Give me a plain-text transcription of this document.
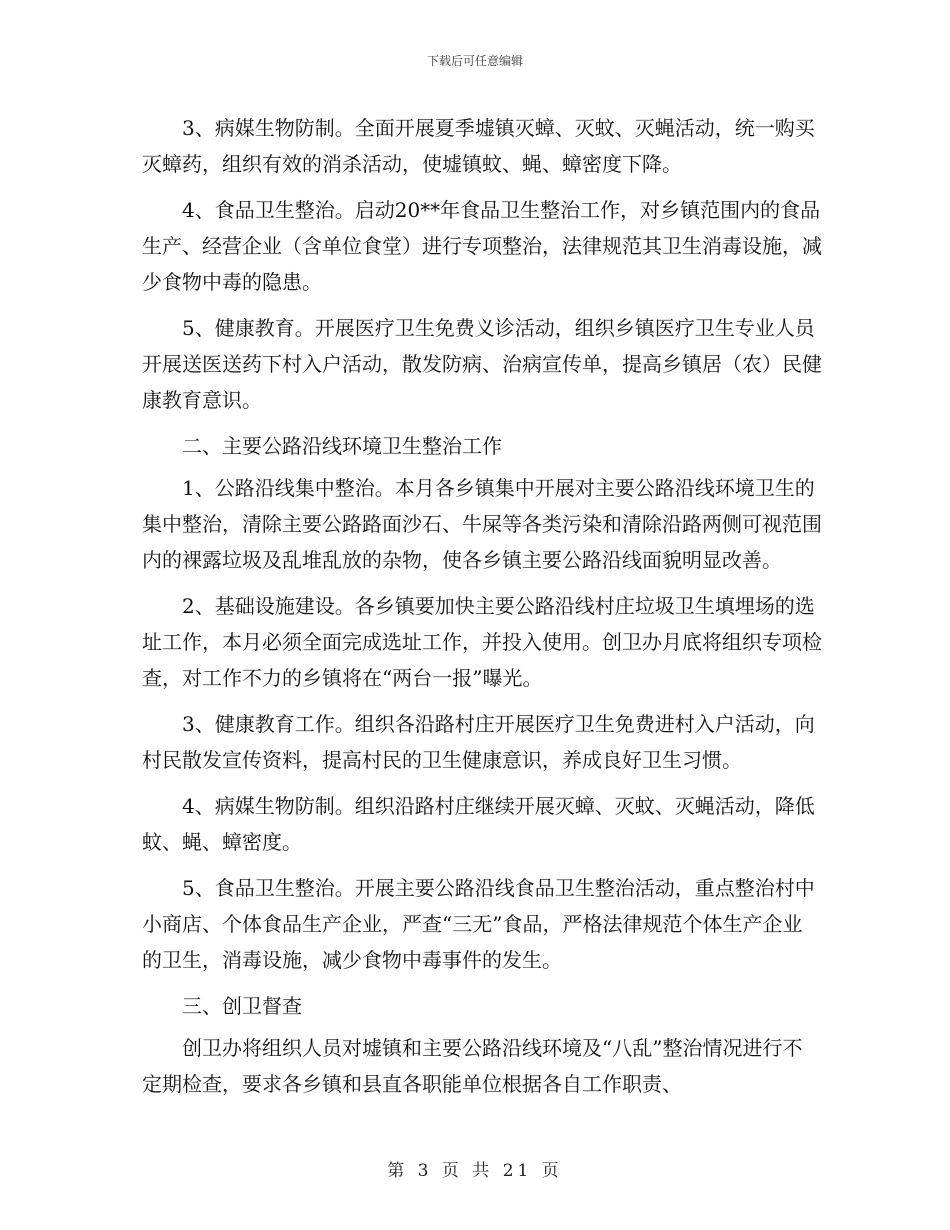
下载后可任意编辑

3、病媒生物防制。全面开展夏季墟镇灭蟑、灭蚊、灭蝇活动，统一购买灭蟑药，组织有效的消杀活动，使墟镇蚊、蝇、蟑密度下降。

4、食品卫生整治。启动20**年食品卫生整治工作，对乡镇范围内的食品生产、经营企业（含单位食堂）进行专项整治，法律规范其卫生消毒设施，减少食物中毒的隐患。

5、健康教育。开展医疗卫生免费义诊活动，组织乡镇医疗卫生专业人员开展送医送药下村入户活动，散发防病、治病宣传单，提高乡镇居（农）民健康教育意识。

二、主要公路沿线环境卫生整治工作

1、公路沿线集中整治。本月各乡镇集中开展对主要公路沿线环境卫生的集中整治，清除主要公路路面沙石、牛屎等各类污染和清除沿路两侧可视范围内的裸露垃圾及乱堆乱放的杂物，使各乡镇主要公路沿线面貌明显改善。

2、基础设施建设。各乡镇要加快主要公路沿线村庄垃圾卫生填埋场的选址工作，本月必须全面完成选址工作，并投入使用。创卫办月底将组织专项检查，对工作不力的乡镇将在“两台一报”曝光。

3、健康教育工作。组织各沿路村庄开展医疗卫生免费进村入户活动，向村民散发宣传资料，提高村民的卫生健康意识，养成良好卫生习惯。

4、病媒生物防制。组织沿路村庄继续开展灭蟑、灭蚊、灭蝇活动，降低蚊、蝇、蟑密度。

5、食品卫生整治。开展主要公路沿线食品卫生整治活动，重点整治村中小商店、个体食品生产企业，严查“三无”食品，严格法律规范个体生产企业的卫生，消毒设施，减少食物中毒事件的发生。

三、创卫督查

创卫办将组织人员对墟镇和主要公路沿线环境及“八乱”整治情况进行不定期检查，要求各乡镇和县直各职能单位根据各自工作职责、

第 3 页 共 21 页
